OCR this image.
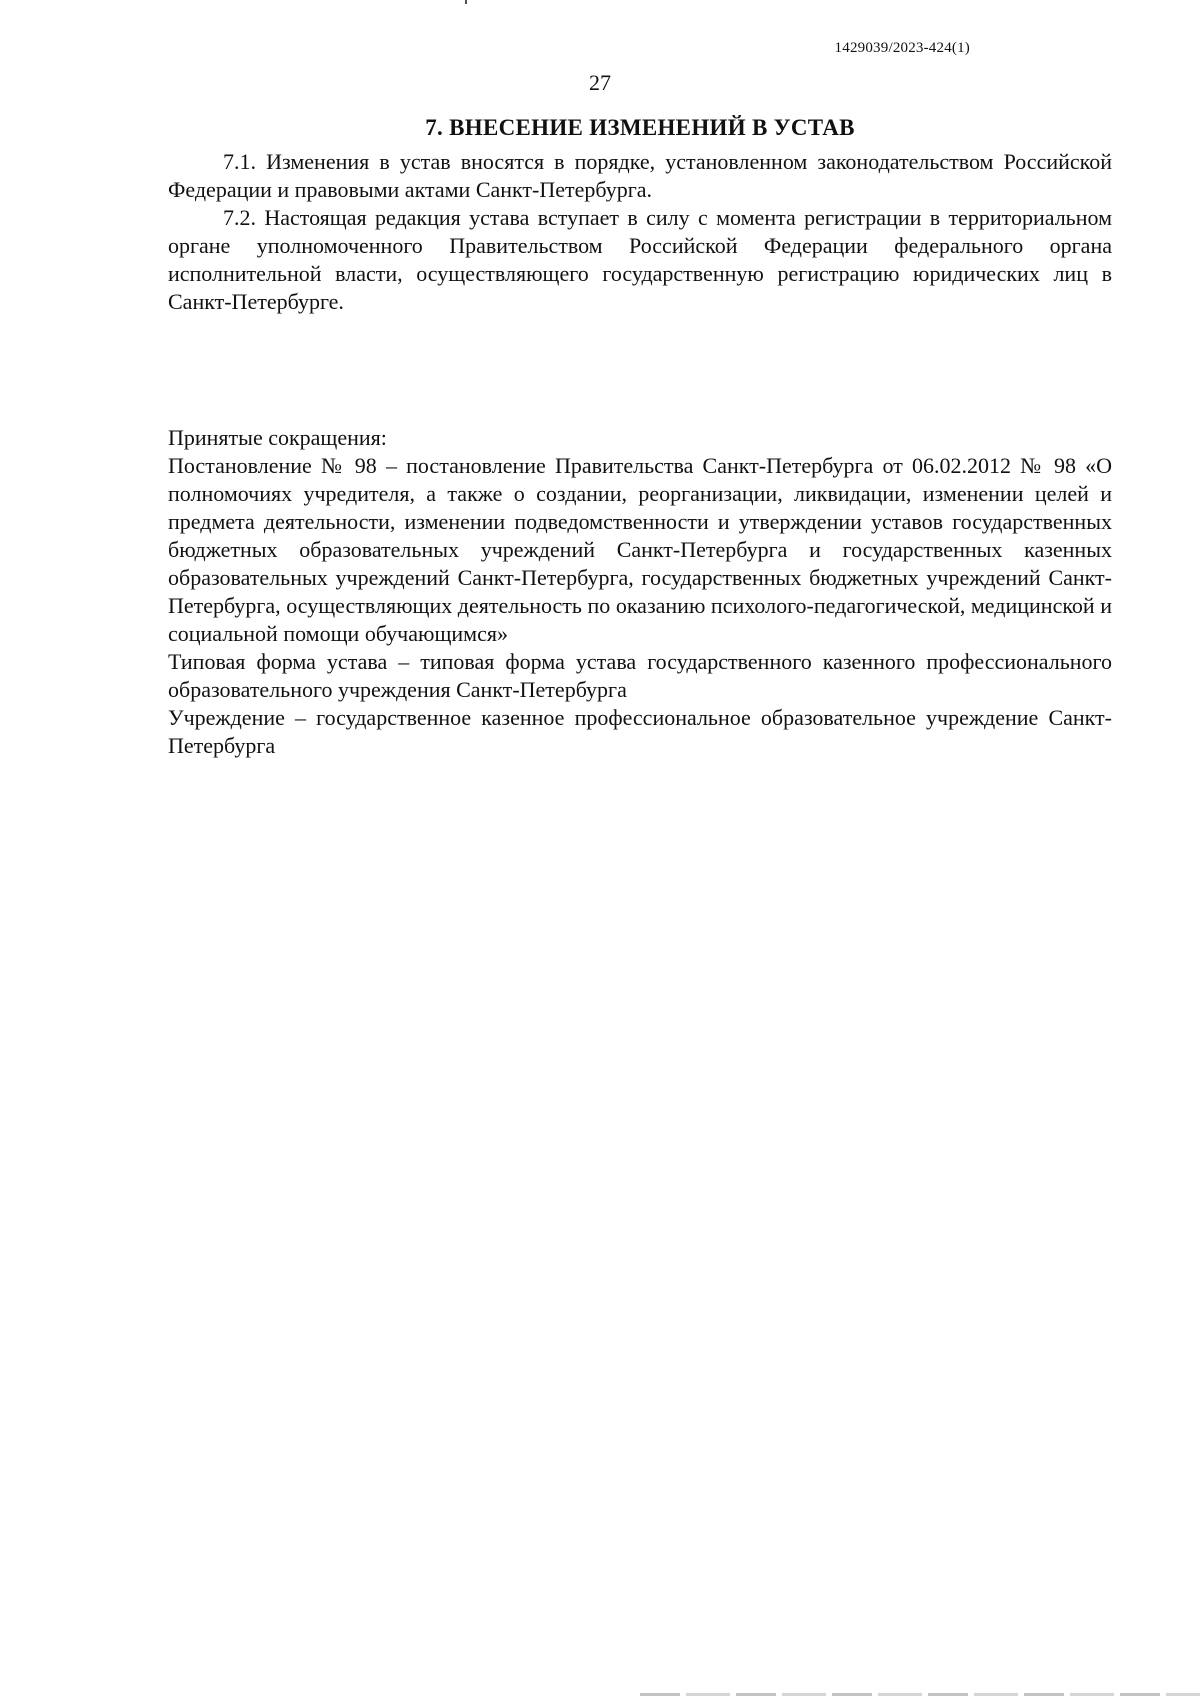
1429039/2023-424(1)
27
7. ВНЕСЕНИЕ ИЗМЕНЕНИЙ В УСТАВ

7.1. Изменения в устав вносятся в порядке, установленном законодательством Российской Федерации и правовыми актами Санкт-Петербурга.

7.2. Настоящая редакция устава вступает в силу с момента регистрации в территориальном органе уполномоченного Правительством Российской Федерации федерального органа исполнительной власти, осуществляющего государственную регистрацию юридических лиц в Санкт-Петербурге.

Принятые сокращения:

Постановление № 98 – постановление Правительства Санкт-Петербурга от 06.02.2012 № 98 «О полномочиях учредителя, а также о создании, реорганизации, ликвидации, изменении целей и предмета деятельности, изменении подведомственности и утверждении уставов государственных бюджетных образовательных учреждений Санкт-Петербурга и государственных казенных образовательных учреждений Санкт-Петербурга, государственных бюджетных учреждений Санкт-Петербурга, осуществляющих деятельность по оказанию психолого-педагогической, медицинской и социальной помощи обучающимся»

Типовая форма устава – типовая форма устава государственного казенного профессионального образовательного учреждения Санкт-Петербурга

Учреждение – государственное казенное профессиональное образовательное учреждение Санкт-Петербурга
